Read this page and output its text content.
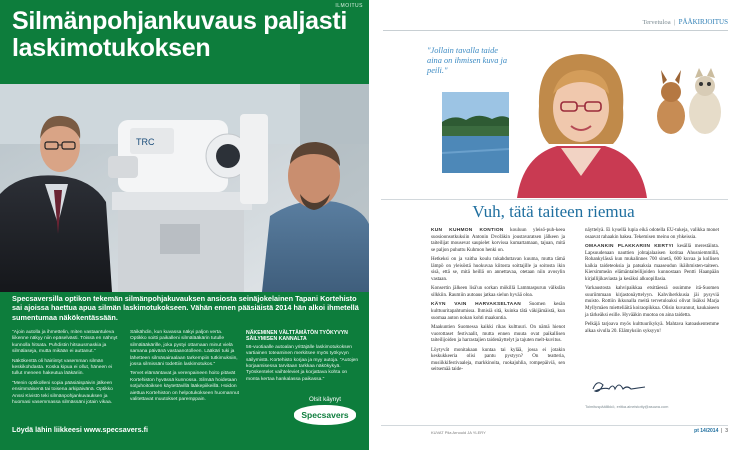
ILMOITUS
Silmänpohjankuvaus paljasti laskimotukoksen
TRC
Specsaversilla optikon tekemän silmänpohjakuvauksen ansiosta seinäjokelainen Tapani Kortehisto sai ajoissa haettua apua silmän laskimotukokseen. Vähän ennen pääsiäistä 2014 hän alkoi ihmetellä sumentumaa näkökentässään.

"Ajoin autolla ja ihmettelin, miten vastaantuleva liikenne näkyy niin epäselvästi. Töissä en nähnyt kunnolla hitsata. Puhdistin hitsausmaskia ja silmälaseja, mutta mikään ei auttanut."

Näkökenttä oli häiriintyt vasemman silmän keskikohdasta. Koska kipua ei ollut, häneen ei tullut meneen hakeutua lääkäriin.

"Menin optikolleni sopia pääsiäispäivin jälkeen ensimmäisenä tai toisena arkipäivänä. Optikko Anssi Kivistö teki silmänpohjankuvauksen ja huomasi vasemmassa silmässäni jotain vikaa.

Säikähdin, kun kuvassa näkyi paljon verta. Optikko soitti paikalleni silmälääkärin tutulle silmälääkärille, joka pystyi ottamaan minut vielä samana päivänä vastaanotolleen. Lääkäri tuki ja lähetteen silmäsairaalaan tarkempiin tutkimuksiin, jossa silmissäni todettiin laskimotukos."

Tervet elämäntavat ja verenpaineen hoito pitävät Kortehiston hyvässä kunnossa. Silmää hoidetaan sotjuhoitoiksen käytettävillä lääkepiikeillä. Hoidon aiettua Kortehiston on helpotukokseen huomannut valitettavat muutokset paremppain.

NÄKEMINEN VÄLTTÄMÄTÖN TYÖKYVYN SÄILYMISEN KANNALTA

56-vuotiaalle autoalan yrittäjälle laskimotukoksen vartiainen toteaminen merkitsee myös työkyvyn säilymistä. Kortehisto korjaa ja myy autoja. "Autojen korjaamisessa tarvitaan tarkkaa näkökykyä. Työskentelet vaihteleviet ja korjattava kohta on monta kertaa hankalassa paikassa."

Löydä lähin liikkeesi www.specsavers.fi
Olsit käynyt
Specsavers
Tervetuloa  |  PÄÄKIRJOITUS
"Jollain tavalla taide aina on ihmisen kuva ja peili."
Vuh, tätä taiteen riemua

KUN KUHMON KONTION kouluun yleisö-puh-keea suosioonsotkuksiin Antonin Dvořákin joustavaratsen jälkeen ja taiteilijat mousevat saupielet korvissa kumartamaan, tajuan, mitä se paljon puhuttu Kuhmon henki on.

Hetkeksi on ja vaitha koulu tukahduttavan kuuma, mutta tämä lämpö on yleisöstä huokuvaa kiitosta soittajille ja soitosta ikin sisä, että se, mitä heillä on annettavaa, otetaan niin avosylin vastaan.

Konsertin jälkeen lisä'un sorkan mökillä Lammaspurun välkslän silkkiin. Raumiin autoaus jatkaa sielun hyvää oloa.

KÄYN VAIN HARVAKSELTAAN Suomen kesän kulttuuritapahtumissa. Ihmisiä sitä, kuinka tätä väkijämäistä, kun suomaa auton nokan kohti maakuntia.

Maakuntien Suomessa kaikki rikas kulttuuri. On nämä hienot vuorottaset festivaalit, mutta ennen muuta ovat paikallisen taiteilijoiden ja harrastajien taidenäyttelyt ja tajuten melt-kuvitus.

Löytyvät monitakaan kuntaa tai kylää, jossa ei jotakin keskukkeeria olisi pantu pystyyn? On teatteria, musiikkifestivaaleja, markkinoita, ruokajuhlia, rompepäiviä, sen seitsemää taide-

näyttelyä. Ei kysellä lupia eikä odotella EU-tukeja, valikka monet osaavat rahaakin hakea. Tekemisen meinu on yhkeissia.

OMAANKIN PLAKKARIIN KERTYI kesällä merestäinta. Lapsuudenaan nauttien johtajalaaisen kotitaa Ahusniemmillä, Rohankylässä kun mukalinnes 700 sinetä, 600 kuvaa ja kollisen kaikia taideteoksia ja patsaksia maaseudun ikäihmisten-taiteen. Kiersimmeän elämäntaiteilijoiden kunnostaan Pentti Haanpään kirjallijikaviasta ja kesäksi alkuopillasia.

Varkaustosta kahvipaikkaa etsittäessä osuimme itä-Suomen suuriimmaan kirjastonäyttelyyn. Kahviherkkusia jäi pysyviä muisto. Rottiin ikkunalla meitä tervetuloaksi olivat lisäksi Marja Myllymäen mietteliäitä koiraopikkua. Olisin kuvannut, kaukaiseen ja tärkeäksi esille. Hyvääkin muotoa on aina taidetta.

Pelkäjä tarjoava myös kulttuurikykyä. Mahtava katoaskentemme alkaa sivulla 20. Elämyksiin syksyyn!

Toimituspäällikkö, eritka.aineistotty@asuwa.com
KUVAT Piia Arnould JA YLERY	pt 14/2014  |  3
